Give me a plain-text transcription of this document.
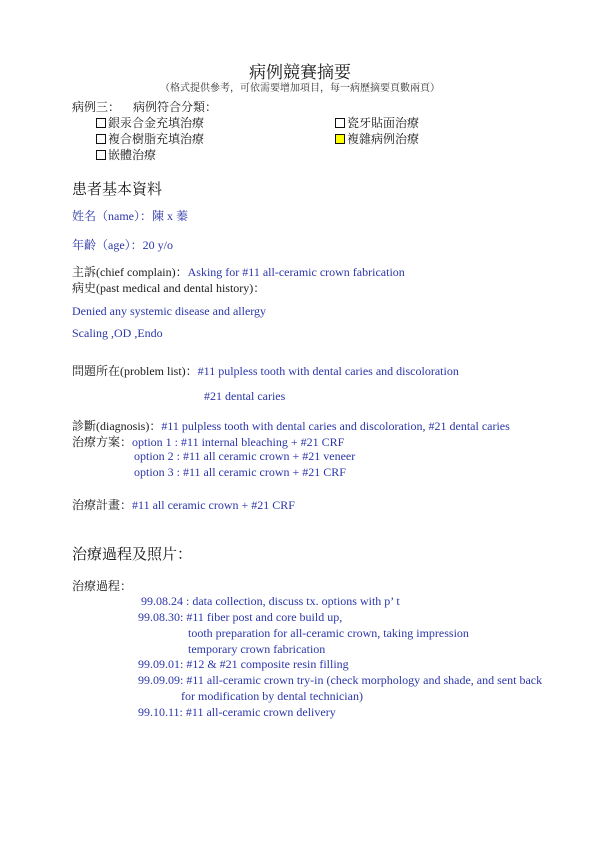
病例競賽摘要
（格式提供參考，可依需要增加項目，每一病歷摘要頁數兩頁）
病例三： 病例符合分類：
銀汞合金充填治療
複合樹脂充填治療
嵌體治療
瓷牙貼面治療
複雜病例治療
患者基本資料
姓名（name）：陳 x 蓁
年齡（age）：20 y/o
主訴(chief complain)：Asking for #11 all-ceramic crown fabrication
病史(past medical and dental history)：
Denied any systemic disease and allergy
Scaling ,OD ,Endo
問題所在(problem list)：#11 pulpless tooth with dental caries and discoloration
#21 dental caries
診斷(diagnosis)：#11 pulpless tooth with dental caries and discoloration, #21 dental caries
治療方案：option 1 : #11 internal bleaching + #21 CRF
option 2 : #11 all ceramic crown + #21 veneer
option 3 : #11 all ceramic crown + #21 CRF
治療計畫：#11 all ceramic crown + #21 CRF
治療過程及照片：
治療過程：
99.08.24 : data collection, discuss tx. options with p’ t
99.08.30: #11 fiber post and core build up,
tooth preparation for all-ceramic crown, taking impression
temporary crown fabrication
99.09.01: #12 & #21 composite resin filling
99.09.09: #11 all-ceramic crown try-in (check morphology and shade, and sent back
for modification by dental technician)
99.10.11: #11 all-ceramic crown delivery
